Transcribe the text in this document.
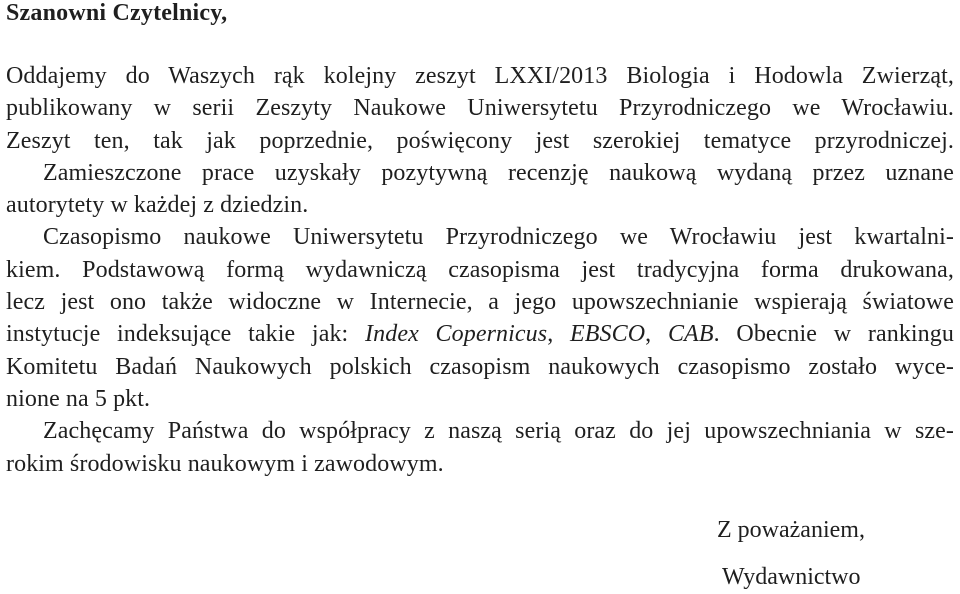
Szanowni Czytelnicy,
Oddajemy do Waszych rąk kolejny zeszyt LXXI/2013 Biologia i Hodowla Zwierząt,
publikowany w serii Zeszyty Naukowe Uniwersytetu Przyrodniczego we Wrocławiu.
Zeszyt ten, tak jak poprzednie, poświęcony jest szerokiej tematyce przyrodniczej.
Zamieszczone prace uzyskały pozytywną recenzję naukową wydaną przez uznane
autorytety w każdej z dziedzin.
Czasopismo naukowe Uniwersytetu Przyrodniczego we Wrocławiu jest kwartalni-
kiem. Podstawową formą wydawniczą czasopisma jest tradycyjna forma drukowana,
lecz jest ono także widoczne w Internecie, a jego upowszechnianie wspierają światowe
instytucje indeksujące takie jak: Index Copernicus, EBSCO, CAB. Obecnie w rankingu
Komitetu Badań Naukowych polskich czasopism naukowych czasopismo zostało wyce-
nione na 5 pkt.
Zachęcamy Państwa do współpracy z naszą serią oraz do jej upowszechniania w sze-
rokim środowisku naukowym i zawodowym.
Z poważaniem,
Wydawnictwo
